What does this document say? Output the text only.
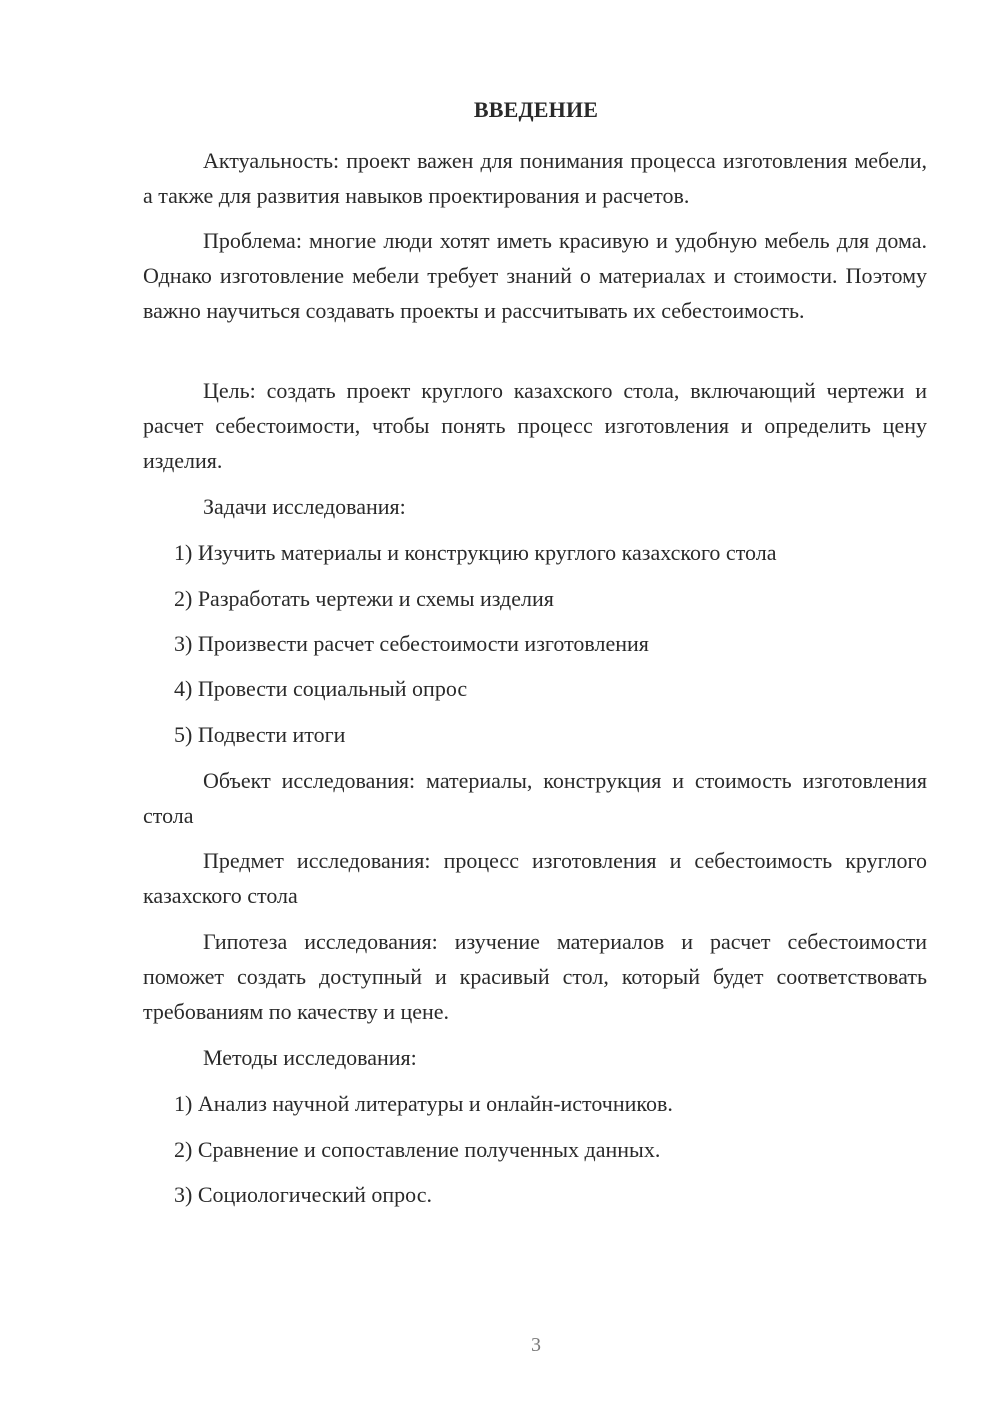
ВВЕДЕНИЕ

Актуальность: проект важен для понимания процесса изготовления мебели, а также для развития навыков проектирования и расчетов.

Проблема: многие люди хотят иметь красивую и удобную мебель для дома. Однако изготовление мебели требует знаний о материалах и стоимости. Поэтому важно научиться создавать проекты и рассчитывать их себестоимость.

Цель: создать проект круглого казахского стола, включающий чертежи и расчет себестоимости, чтобы понять процесс изготовления и определить цену изделия.

Задачи исследования:

1) Изучить материалы и конструкцию круглого казахского стола

2) Разработать чертежи и схемы изделия

3) Произвести расчет себестоимости изготовления

4) Провести социальный опрос

5) Подвести итоги

Объект исследования: материалы, конструкция и стоимость изготовления стола

Предмет исследования: процесс изготовления и себестоимость круглого казахского стола

Гипотеза исследования: изучение материалов и расчет себестоимости поможет создать доступный и красивый стол, который будет соответствовать требованиям по качеству и цене.

Методы исследования:

1) Анализ научной литературы и онлайн-источников.

2) Сравнение и сопоставление полученных данных.

3) Социологический опрос.

3
